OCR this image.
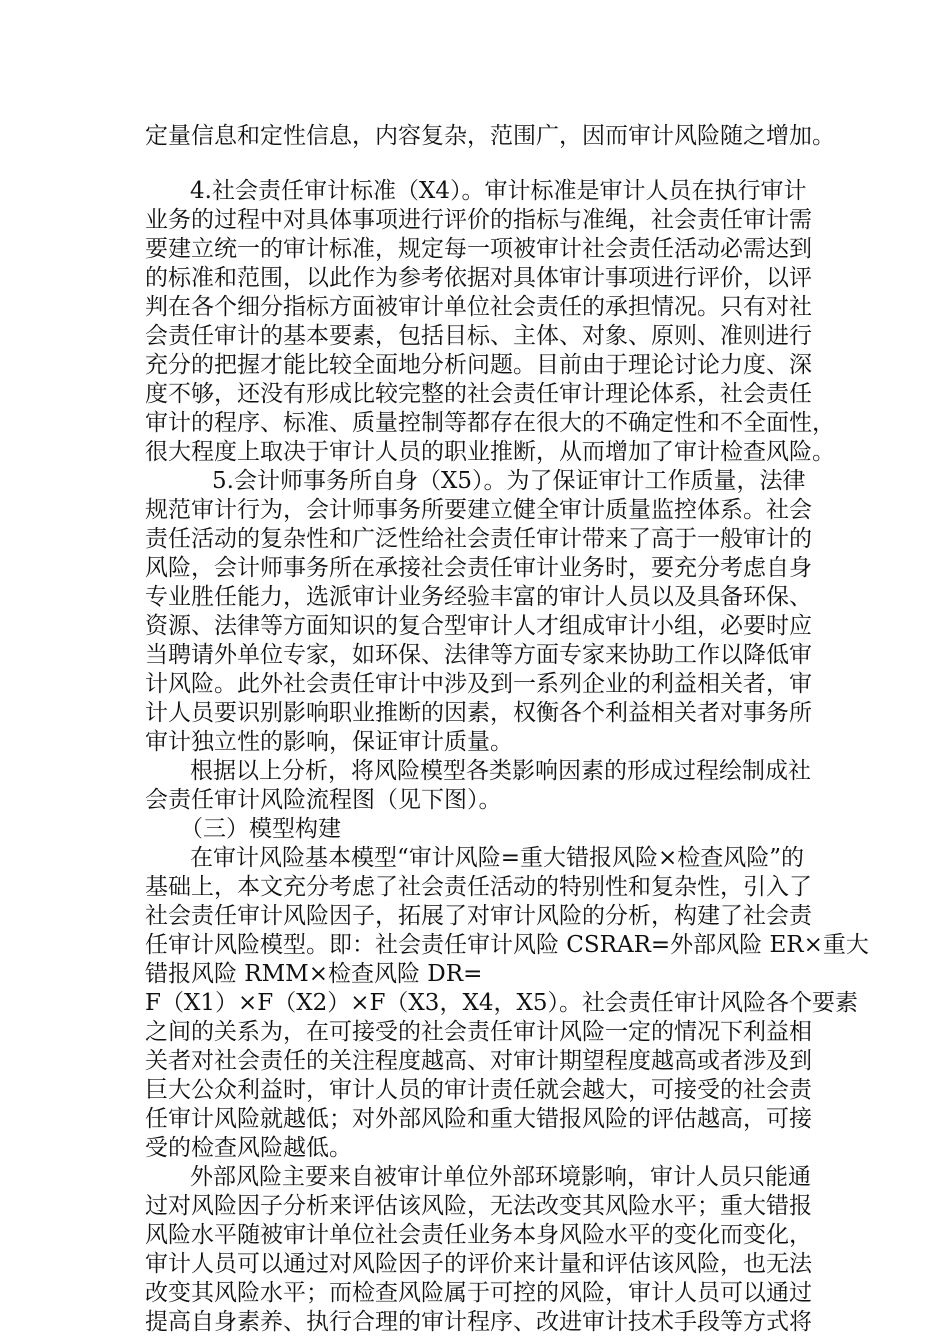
定量信息和定性信息，内容复杂，范围广，因而审计风险随之增加。
4.社会责任审计标准（X4）。审计标准是审计人员在执行审计
业务的过程中对具体事项进行评价的指标与准绳，社会责任审计需
要建立统一的审计标准，规定每一项被审计社会责任活动必需达到
的标准和范围，以此作为参考依据对具体审计事项进行评价，以评
判在各个细分指标方面被审计单位社会责任的承担情况。只有对社
会责任审计的基本要素，包括目标、主体、对象、原则、准则进行
充分的把握才能比较全面地分析问题。目前由于理论讨论力度、深
度不够，还没有形成比较完整的社会责任审计理论体系，社会责任
审计的程序、标准、质量控制等都存在很大的不确定性和不全面性，
很大程度上取决于审计人员的职业推断，从而增加了审计检查风险。
5.会计师事务所自身（X5）。为了保证审计工作质量，法律
规范审计行为，会计师事务所要建立健全审计质量监控体系。社会
责任活动的复杂性和广泛性给社会责任审计带来了高于一般审计的
风险，会计师事务所在承接社会责任审计业务时，要充分考虑自身
专业胜任能力，选派审计业务经验丰富的审计人员以及具备环保、
资源、法律等方面知识的复合型审计人才组成审计小组，必要时应
当聘请外单位专家，如环保、法律等方面专家来协助工作以降低审
计风险。此外社会责任审计中涉及到一系列企业的利益相关者，审
计人员要识别影响职业推断的因素，权衡各个利益相关者对事务所
审计独立性的影响，保证审计质量。
根据以上分析，将风险模型各类影响因素的形成过程绘制成社
会责任审计风险流程图（见下图）。
（三）模型构建
在审计风险基本模型“审计风险=重大错报风险×检查风险”的
基础上，本文充分考虑了社会责任活动的特别性和复杂性，引入了
社会责任审计风险因子，拓展了对审计风险的分析，构建了社会责
任审计风险模型。即：社会责任审计风险 CSRAR=外部风险 ER×重大
错报风险 RMM×检查风险 DR=
F（X1）×F（X2）×F（X3，X4，X5）。社会责任审计风险各个要素
之间的关系为，在可接受的社会责任审计风险一定的情况下利益相
关者对社会责任的关注程度越高、对审计期望程度越高或者涉及到
巨大公众利益时，审计人员的审计责任就会越大，可接受的社会责
任审计风险就越低；对外部风险和重大错报风险的评估越高，可接
受的检查风险越低。
外部风险主要来自被审计单位外部环境影响，审计人员只能通
过对风险因子分析来评估该风险，无法改变其风险水平；重大错报
风险水平随被审计单位社会责任业务本身风险水平的变化而变化，
审计人员可以通过对风险因子的评价来计量和评估该风险，也无法
改变其风险水平；而检查风险属于可控的风险，审计人员可以通过
提高自身素养、执行合理的审计程序、改进审计技术手段等方式将
